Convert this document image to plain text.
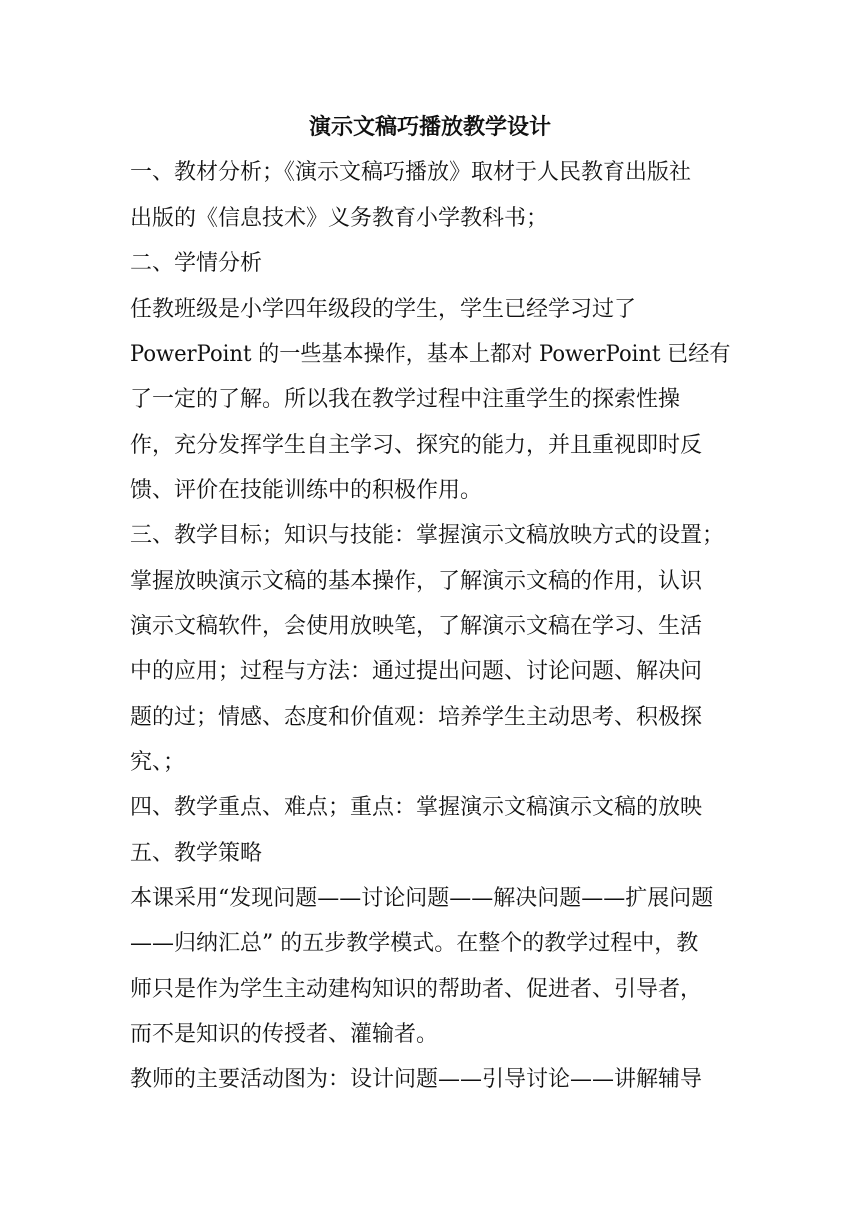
演示文稿巧播放教学设计
一、教材分析；《演示文稿巧播放》取材于人民教育出版社
出版的《信息技术》义务教育小学教科书；
二、学情分析
任教班级是小学四年级段的学生，学生已经学习过了
PowerPoint 的一些基本操作，基本上都对 PowerPoint 已经有
了一定的了解。所以我在教学过程中注重学生的探索性操
作，充分发挥学生自主学习、探究的能力，并且重视即时反
馈、评价在技能训练中的积极作用。
三、教学目标；知识与技能：掌握演示文稿放映方式的设置；
掌握放映演示文稿的基本操作，了解演示文稿的作用，认识
演示文稿软件，会使用放映笔，了解演示文稿在学习、生活
中的应用；过程与方法：通过提出问题、讨论问题、解决问
题的过；情感、态度和价值观：培养学生主动思考、积极探
究、；
四、教学重点、难点；重点：掌握演示文稿演示文稿的放映
五、教学策略
本课采用“发现问题——讨论问题——解决问题——扩展问题
——归纳汇总” 的五步教学模式。在整个的教学过程中，教
师只是作为学生主动建构知识的帮助者、促进者、引导者，
而不是知识的传授者、灌输者。
教师的主要活动图为：设计问题——引导讨论——讲解辅导
